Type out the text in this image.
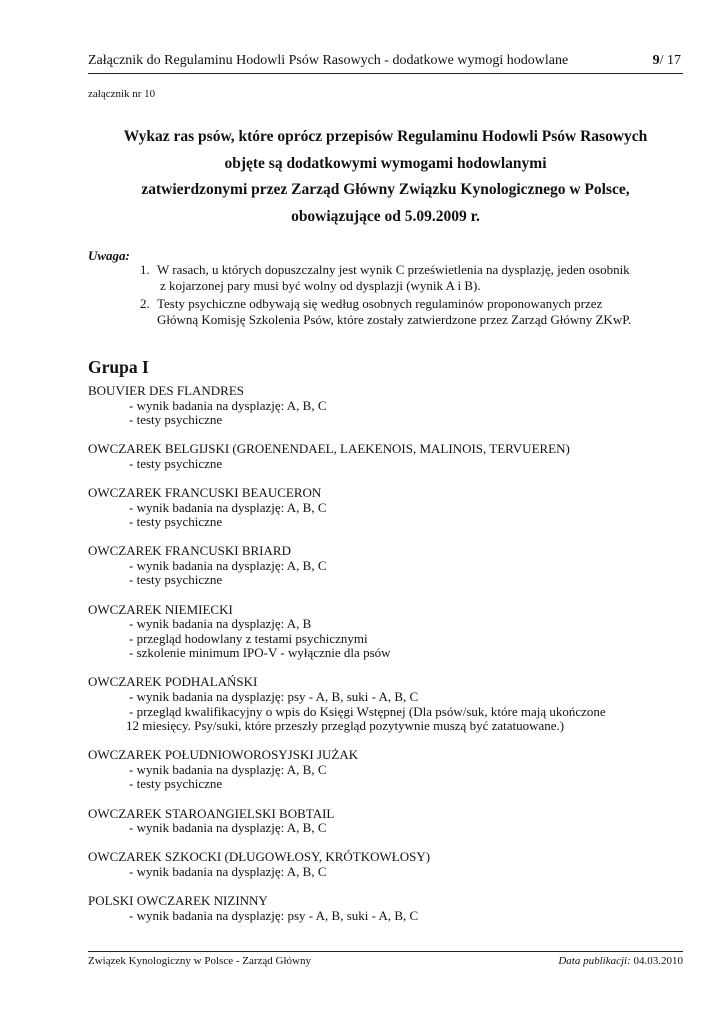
Załącznik do Regulaminu Hodowli Psów Rasowych - dodatkowe wymogi hodowlane	9/ 17
załącznik nr 10
Wykaz ras psów, które oprócz przepisów Regulaminu Hodowli Psów Rasowych
objęte są dodatkowymi wymogami hodowlanymi
zatwierdzonymi przez Zarząd Główny Związku Kynologicznego w Polsce,
obowiązujące od 5.09.2009 r.
Uwaga:
1. W rasach, u których dopuszczalny jest wynik C prześwietlenia na dysplazję, jeden osobnik
z kojarzonej pary musi być wolny od dysplazji (wynik A i B).
2. Testy psychiczne odbywają się według osobnych regulaminów proponowanych przez
Główną Komisję Szkolenia Psów, które zostały zatwierdzone przez Zarząd Główny ZKwP.
Grupa I
BOUVIER DES FLANDRES
- wynik badania na dysplazję: A, B, C
- testy psychiczne
OWCZAREK BELGIJSKI (GROENENDAEL, LAEKENOIS, MALINOIS, TERVUEREN)
- testy psychiczne
OWCZAREK FRANCUSKI BEAUCERON
- wynik badania na dysplazję: A, B, C
- testy psychiczne
OWCZAREK FRANCUSKI BRIARD
- wynik badania na dysplazję: A, B, C
- testy psychiczne
OWCZAREK NIEMIECKI
- wynik badania na dysplazję: A, B
- przegląd hodowlany z testami psychicznymi
- szkolenie minimum IPO-V - wyłącznie dla psów
OWCZAREK PODHALAŃSKI
- wynik badania na dysplazję: psy - A, B, suki - A, B, C
- przegląd kwalifikacyjny o wpis do Księgi Wstępnej (Dla psów/suk, które mają ukończone
12 miesięcy. Psy/suki, które przeszły przegląd pozytywnie muszą być zatatuowane.)
OWCZAREK POŁUDNIOWOROSYJSKI JUŻAK
- wynik badania na dysplazję: A, B, C
- testy psychiczne
OWCZAREK STAROANGIELSKI BOBTAIL
- wynik badania na dysplazję: A, B, C
OWCZAREK SZKOCKI (DŁUGOWŁOSY, KRÓTKOWŁOSY)
- wynik badania na dysplazję: A, B, C
POLSKI OWCZAREK NIZINNY
- wynik badania na dysplazję: psy - A, B, suki - A, B, C
Związek Kynologiczny w Polsce - Zarząd Główny	Data publikacji: 04.03.2010
